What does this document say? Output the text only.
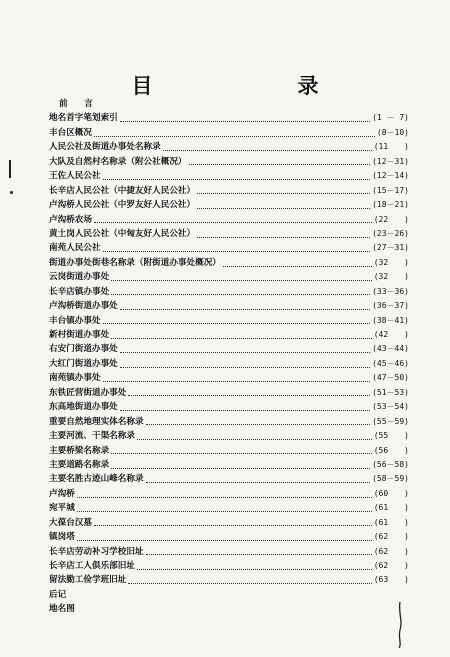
目　录
前　言
地名首字笔划索引	(1 － 7)
丰台区概况	(8－10)
人民公社及街道办事处名称录	(11　　)
大队及自然村名称录（附公社概况）	(12－31)
王佐人民公社	(12－14)
长辛店人民公社（中捷友好人民公社）	(15－17)
卢沟桥人民公社（中罗友好人民公社）	(18－21)
卢沟桥农场	(22　　)
黄土岗人民公社（中匈友好人民公社）	(23－26)
南苑人民公社	(27－31)
街道办事处街巷名称录（附街道办事处概况）	(32　　)
云岗街道办事处	(32　　)
长辛店镇办事处	(33－36)
卢沟桥街道办事处	(36－37)
丰台镇办事处	(38－41)
新村街道办事处	(42　　)
右安门街道办事处	(43－44)
大红门街道办事处	(45－46)
南苑镇办事处	(47－50)
东铁匠营街道办事处	(51－53)
东高地街道办事处	(53－54)
重要自然地理实体名称录	(55－59)
主要河流、干渠名称录	(55　　)
主要桥梁名称录	(56　　)
主要道路名称录	(56－58)
主要名胜古迹山峰名称录	(58－59)
卢沟桥	(60　　)
宛平城	(61　　)
大葆台汉墓	(61　　)
镇岗塔	(62　　)
长辛店劳动补习学校旧址	(62　　)
长辛店工人俱乐部旧址	(62　　)
留法勤工俭学班旧址	(63　　)
后记
地名图
